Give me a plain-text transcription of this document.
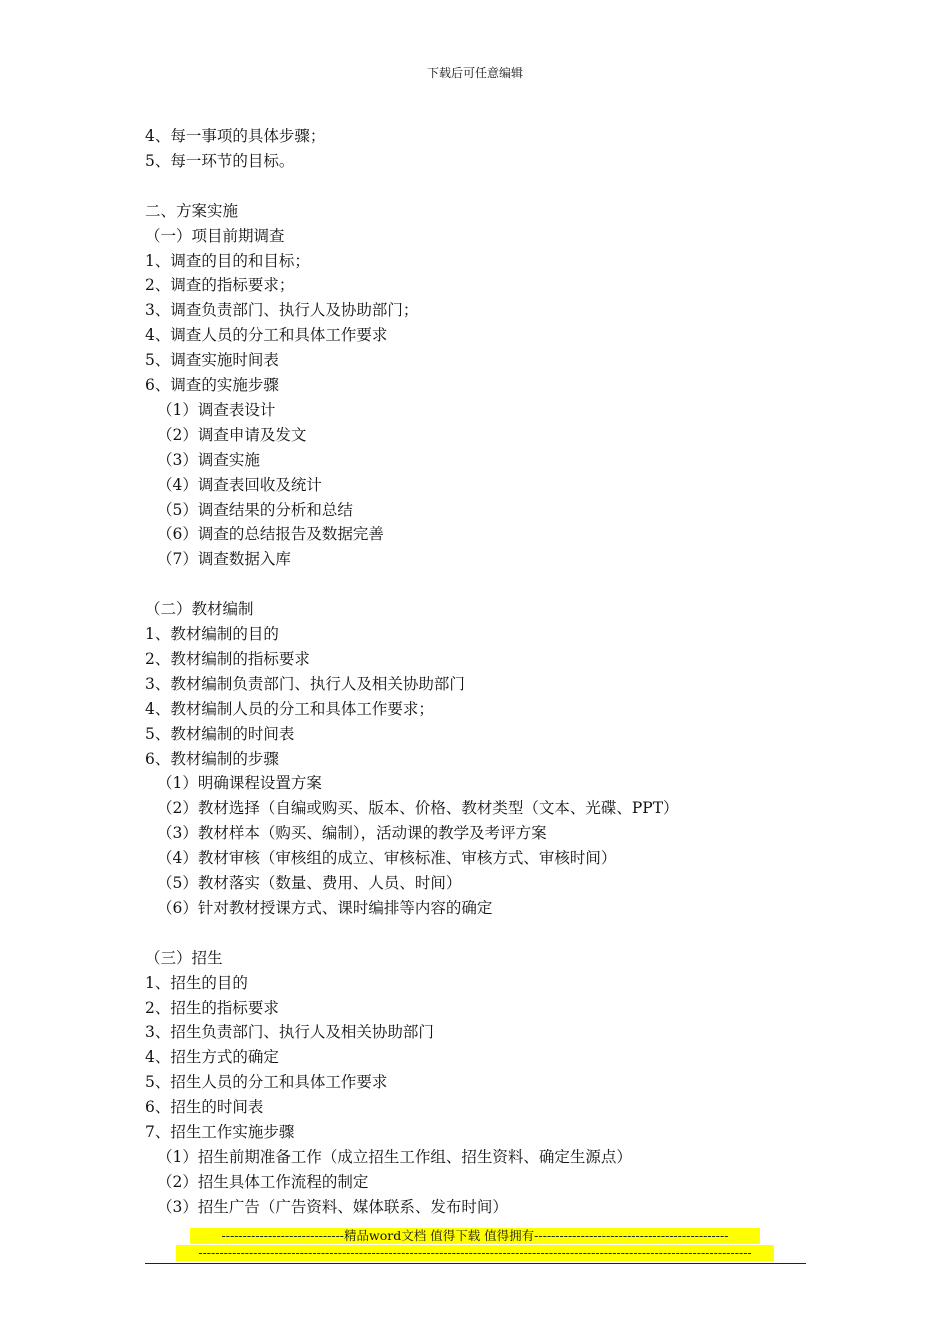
下载后可任意编辑
4、每一事项的具体步骤；
5、每一环节的目标。
二、方案实施
（一）项目前期调查
1、调查的目的和目标；
2、调查的指标要求；
3、调查负责部门、执行人及协助部门；
4、调查人员的分工和具体工作要求
5、调查实施时间表
6、调查的实施步骤
（1）调查表设计
（2）调查申请及发文
（3）调查实施
（4）调查表回收及统计
（5）调查结果的分析和总结
（6）调查的总结报告及数据完善
（7）调查数据入库
（二）教材编制
1、教材编制的目的
2、教材编制的指标要求
3、教材编制负责部门、执行人及相关协助部门
4、教材编制人员的分工和具体工作要求；
5、教材编制的时间表
6、教材编制的步骤
（1）明确课程设置方案
（2）教材选择（自编或购买、版本、价格、教材类型（文本、光碟、PPT）
（3）教材样本（购买、编制），活动课的教学及考评方案
（4）教材审核（审核组的成立、审核标准、审核方式、审核时间）
（5）教材落实（数量、费用、人员、时间）
（6）针对教材授课方式、课时编排等内容的确定
（三）招生
1、招生的目的
2、招生的指标要求
3、招生负责部门、执行人及相关协助部门
4、招生方式的确定
5、招生人员的分工和具体工作要求
6、招生的时间表
7、招生工作实施步骤
（1）招生前期准备工作（成立招生工作组、招生资料、确定生源点）
（2）招生具体工作流程的制定
（3）招生广告（广告资料、媒体联系、发布时间）
-----------------------------精品word文档 值得下载 值得拥有----------------------------------------------
-----------------------------------------------------------------------------------------------------------------------------------
